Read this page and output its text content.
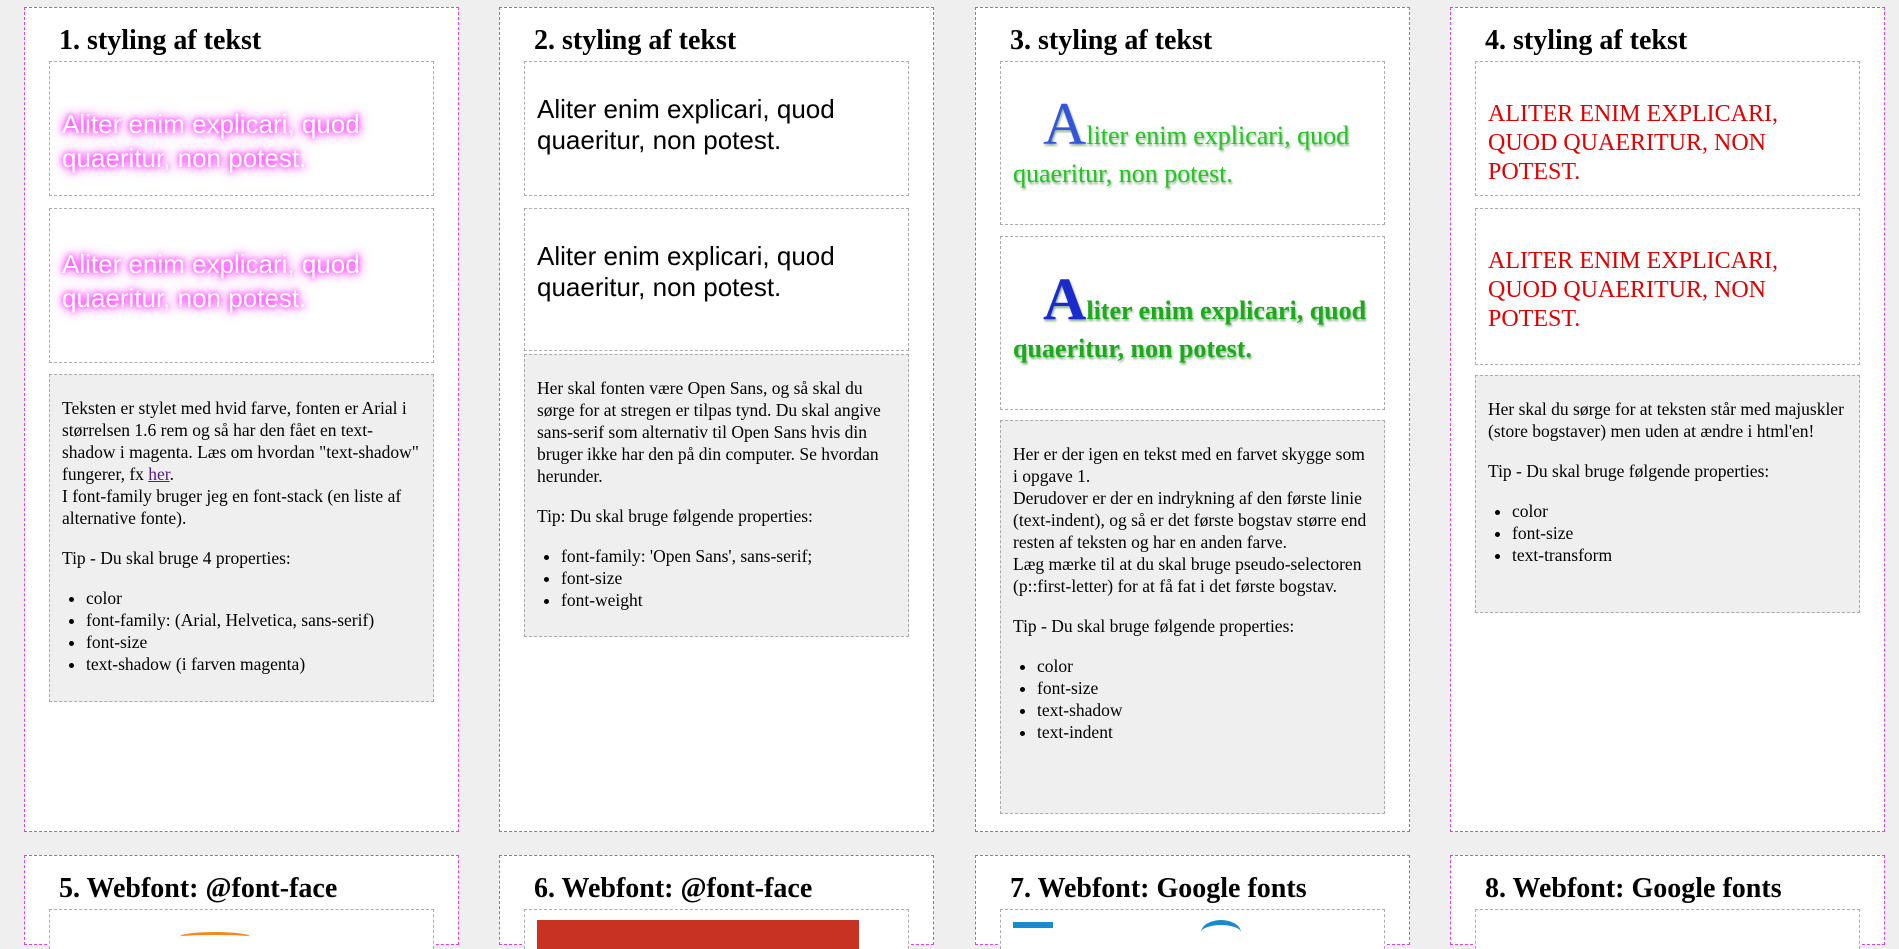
1. styling af tekst
Aliter enim explicari, quod quaeritur, non potest.
Aliter enim explicari, quod quaeritur, non potest.

Teksten er stylet med hvid farve, fonten er Arial i størrelsen 1.6 rem og så har den fået en text-shadow i magenta. Læs om hvordan "text-shadow" fungerer, fx her.

I font-family bruger jeg en font-stack (en liste af alternative fonte).

Tip - Du skal bruge 4 properties:

• color
• font-family: (Arial, Helvetica, sans-serif)
• font-size
• text-shadow (i farven magenta)
2. styling af tekst
Aliter enim explicari, quod quaeritur, non potest.
Aliter enim explicari, quod quaeritur, non potest.

Her skal fonten være Open Sans, og så skal du sørge for at stregen er tilpas tynd. Du skal angive sans-serif som alternativ til Open Sans hvis din bruger ikke har den på din computer. Se hvordan herunder.

Tip: Du skal bruge følgende properties:

• font-family: 'Open Sans', sans-serif;
• font-size
• font-weight
3. styling af tekst
Aliter enim explicari, quod quaeritur, non potest.
Aliter enim explicari, quod quaeritur, non potest.

Her er der igen en tekst med en farvet skygge som i opgave 1.

Derudover er der en indrykning af den første linie (text-indent), og så er det første bogstav større end resten af teksten og har en anden farve.

Læg mærke til at du skal bruge pseudo-selectoren (p::first-letter) for at få fat i det første bogstav.

Tip - Du skal bruge følgende properties:

• color
• font-size
• text-shadow
• text-indent
4. styling af tekst
ALITER ENIM EXPLICARI, QUOD QUAERITUR, NON POTEST.
ALITER ENIM EXPLICARI, QUOD QUAERITUR, NON POTEST.

Her skal du sørge for at teksten står med majuskler (store bogstaver) men uden at ændre i html'en!

Tip - Du skal bruge følgende properties:

• color
• font-size
• text-transform
5. Webfont: @font-face	6. Webfont: @font-face	7. Webfont: Google fonts	8. Webfont: Google fonts
